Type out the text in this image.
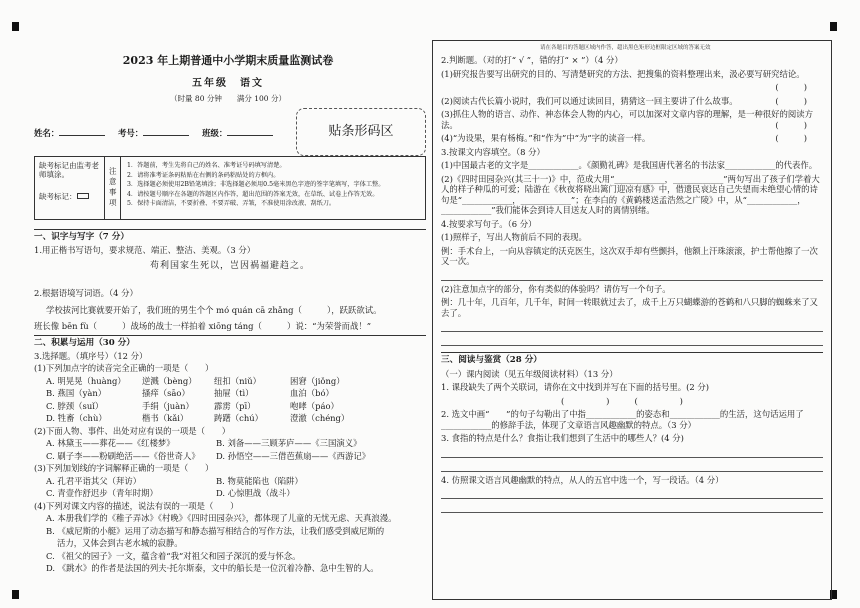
2023 年上期普通中小学期末质量监测试卷
五年级　语文
（时量 80 分钟　　满分 100 分）
贴条形码区
姓名：	考号：	班级：
缺考标记由监考老师填涂。
缺考标记：	注意事项
1．答题前，考生先将自己的姓名、准考证号码填写清楚。
2．请将准考证条码粘贴在右侧的条码粘贴处的方框内。
3．选择题必须使用2B铅笔填涂；非选择题必须用0.5毫米黑色字迹的签字笔填写，字体工整。
4．请按题号顺序在各题的答题区内作答，超出范围的答案无效，在草纸、试卷上作答无效。
5．保持卡面清洁，不要折叠、不要弄破、弄皱，不准使用涂改液、刮纸刀。
一、识字与写字（7 分）
1.用正楷书写语句，要求规范、端正、整洁、美观。（3 分）
苟利国家生死以，岂因祸福避趋之。
2.根据语境写词语。（4 分）
学校拔河比赛就要开始了，我们班的男生个个 mó quán cā zhǎng（　　　），跃跃欲试。
班长像 bēn fù（　　　）战场的战士一样拍着 xiōng táng（　　　）说：“为荣誉而战！”
二、积累与运用（30 分）
3.选择题。（填序号）（12 分）
(1)下列加点字的读音完全正确的一项是（　　）
A. 明晃晃（huàng）	逆溅（bèng）	纽扣（niǔ）	困窘（jiǒng）
B. 燕国（yàn）	搔痒（sāo）	抽屉（tì）	血泊（bó）
C. 脖颈（suǐ）	手绢（juàn）	霹雳（pī）	咆哮（páo）
D. 牲畜（chù）	楷书（kǎi）	踌躇（chú）	澄澈（chéng）
(2)下面人物、事件、出处对应有误的一项是（　　）
A. 林黛玉——葬花——《红楼梦》	B. 刘备——三顾茅庐——《三国演义》
C. 刷子李——粉刷绝活——《俗世奇人》	D. 孙悟空——三借芭蕉扇——《西游记》
(3)下列加划线的字词解释正确的一项是（　　）
A. 孔君平诣其父（拜访）	B. 物莫能陷也（陷阱）
C. 青壹作舒迟步（青年时期）	D. 心惊胆战（战斗）
(4)下列对课文内容的描述，说法有误的一项是（　　）
A. 本册我们学的《稚子弄冰》《村晚》《四时田园杂兴》，都体现了儿童的无忧无虑、天真浪漫。
B. 《威尼斯的小艇》运用了动态描写和静态描写相结合的写作方法，让我们感受到威尼斯的
　 活力，又体会到古老水城的寂静。
C. 《祖父的园子》一文，蕴含着“我”对祖父和园子深沉的爱与怀念。
D. 《跳水》的作者是法国的列夫·托尔斯泰，文中的船长是一位沉着冷静、急中生智的人。
请在各题目的答题区域内作答，超出黑色矩形边框限定区域的答案无效
2.判断题。（对的打“ √ ”，错的打“ × ”）（4 分）
(1)研究报告要写出研究的目的、写清楚研究的方法、把搜集的资料整理出来，汲必要写研究结论。
(　　　)
(2)阅读古代长篇小说时，我们可以通过读回目，猜猜这一回主要讲了什么故事。	(　　　)
(3)抓住人物的语言、动作、神态体会人物的内心，可以加深对文章内容的理解，是一种很好的阅读方法。	(　　　)
(4)“为设果，果有杨梅。”和“作为”中“为”字的读音一样。	(　　　)
3.按课文内容填空。（8 分）
(1)中国最古老的文字是____________。《颜勤礼碑》是我国唐代著名的书法家____________的代表作。
(2)《四时田园杂兴(其三十一)》中，范成大用“____________，____________”两句写出了孩子们学着大人的样子种瓜的可爱；陆游在《秋夜将晓出篱门迎凉有感》中，借遗民哀达自己失望而未绝望心情的诗句是“____________，____________”；在李白的《黄鹤楼送孟浩然之广陵》中，从“____________，____________”我们能体会到诗人目送友人时的离情别绪。
4.按要求写句子。（6 分）
(1)照样子，写出人物前后不同的表现。
例：手术台上，一向从容镇定的沃克医生，这次双手却有些颤抖，他额上汗珠滚滚，护士帮他擦了一次又一次。
(2)注意加点字的部分，你有类似的体验吗？请仿写一个句子。
例：几十年，几百年，几千年，时间一转眼就过去了，成千上万只蝴蝶游的苍鹤和八只脚的蜘蛛来了又去了。
三、阅读与鉴赏（28 分）
（一）课内阅读（见五年级阅读材料）（13 分）
1. 课段缺失了两个关联词，请你在文中找到并写在下面的括号里。(2 分)
(　　　　　)　　　(　　　　　)
2. 选文中画“　　”的句子勾勒出了中指____________的姿态和____________的生活，这句话运用了____________的修辞手法，体现了文章语言风趣幽默的特点。（3 分）
3. 食指的特点是什么？食指让我们想到了生活中的哪些人？(4 分)
4. 仿照课文语言风趣幽默的特点，从人的五官中选一个，写一段话。（4 分）
